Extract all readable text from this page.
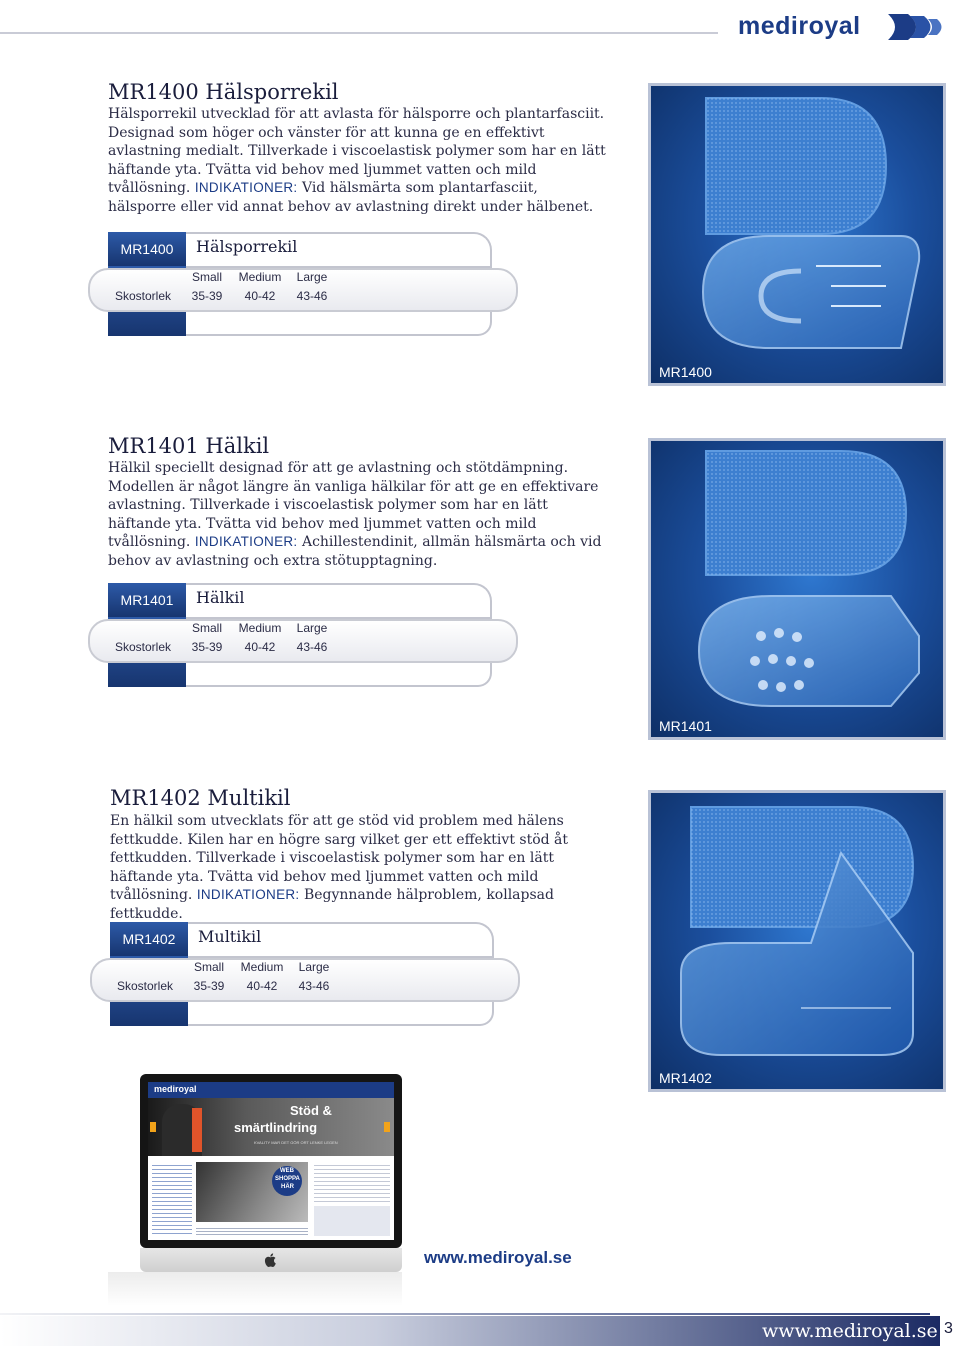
mediroyal
MR1400 Hälsporrekil

Hälsporrekil utvecklad för att avlasta för hälsporre och plantarfasciit. Designad som höger och vänster för att kunna ge en effektivt avlastning medialt. Tillverkade i viscoelastisk polymer som har en lätt häftande yta. Tvätta vid behov med ljummet vatten och mild tvållösning. INDIKATIONER: Vid hälsmärta som plantarfasciit, hälsporre eller vid annat behov av avlastning direkt under hälbenet.

MR1400	Hälsporrekil
Small	Medium	Large
Skostorlek	35-39	40-42	43-46
MR1400
MR1401 Hälkil

Hälkil speciellt designad för att ge avlastning och stötdämpning. Modellen är något längre än vanliga hälkilar för att ge en effektivare avlastning. Tillverkade i viscoelastisk polymer som har en lätt häftande yta. Tvätta vid behov med ljummet vatten och mild tvållösning. INDIKATIONER: Achillestendinit, allmän hälsmärta och vid behov av avlastning och extra stötupptagning.

MR1401	Hälkil
Small	Medium	Large
Skostorlek	35-39	40-42	43-46
MR1401
MR1402 Multikil

En hälkil som utvecklats för att ge stöd vid problem med hälens fettkudde. Kilen har en högre sarg vilket ger ett effektivt stöd åt fettkudden. Tillverkade i viscoelastisk polymer som har en lätt häftande yta. Tvätta vid behov med ljummet vatten och mild tvållösning. INDIKATIONER: Begynnande hälproblem, kollapsad fettkudde.

MR1402	Multikil
Small	Medium	Large
Skostorlek	35-39	40-42	43-46
MR1402
mediroyal
Stöd &
smärtlindring
KVALITY MAR DET GÖR ORT LENKE LEGEN
WEB
SHOPPA
HÄR
www.mediroyal.se
www.mediroyal.se 3
